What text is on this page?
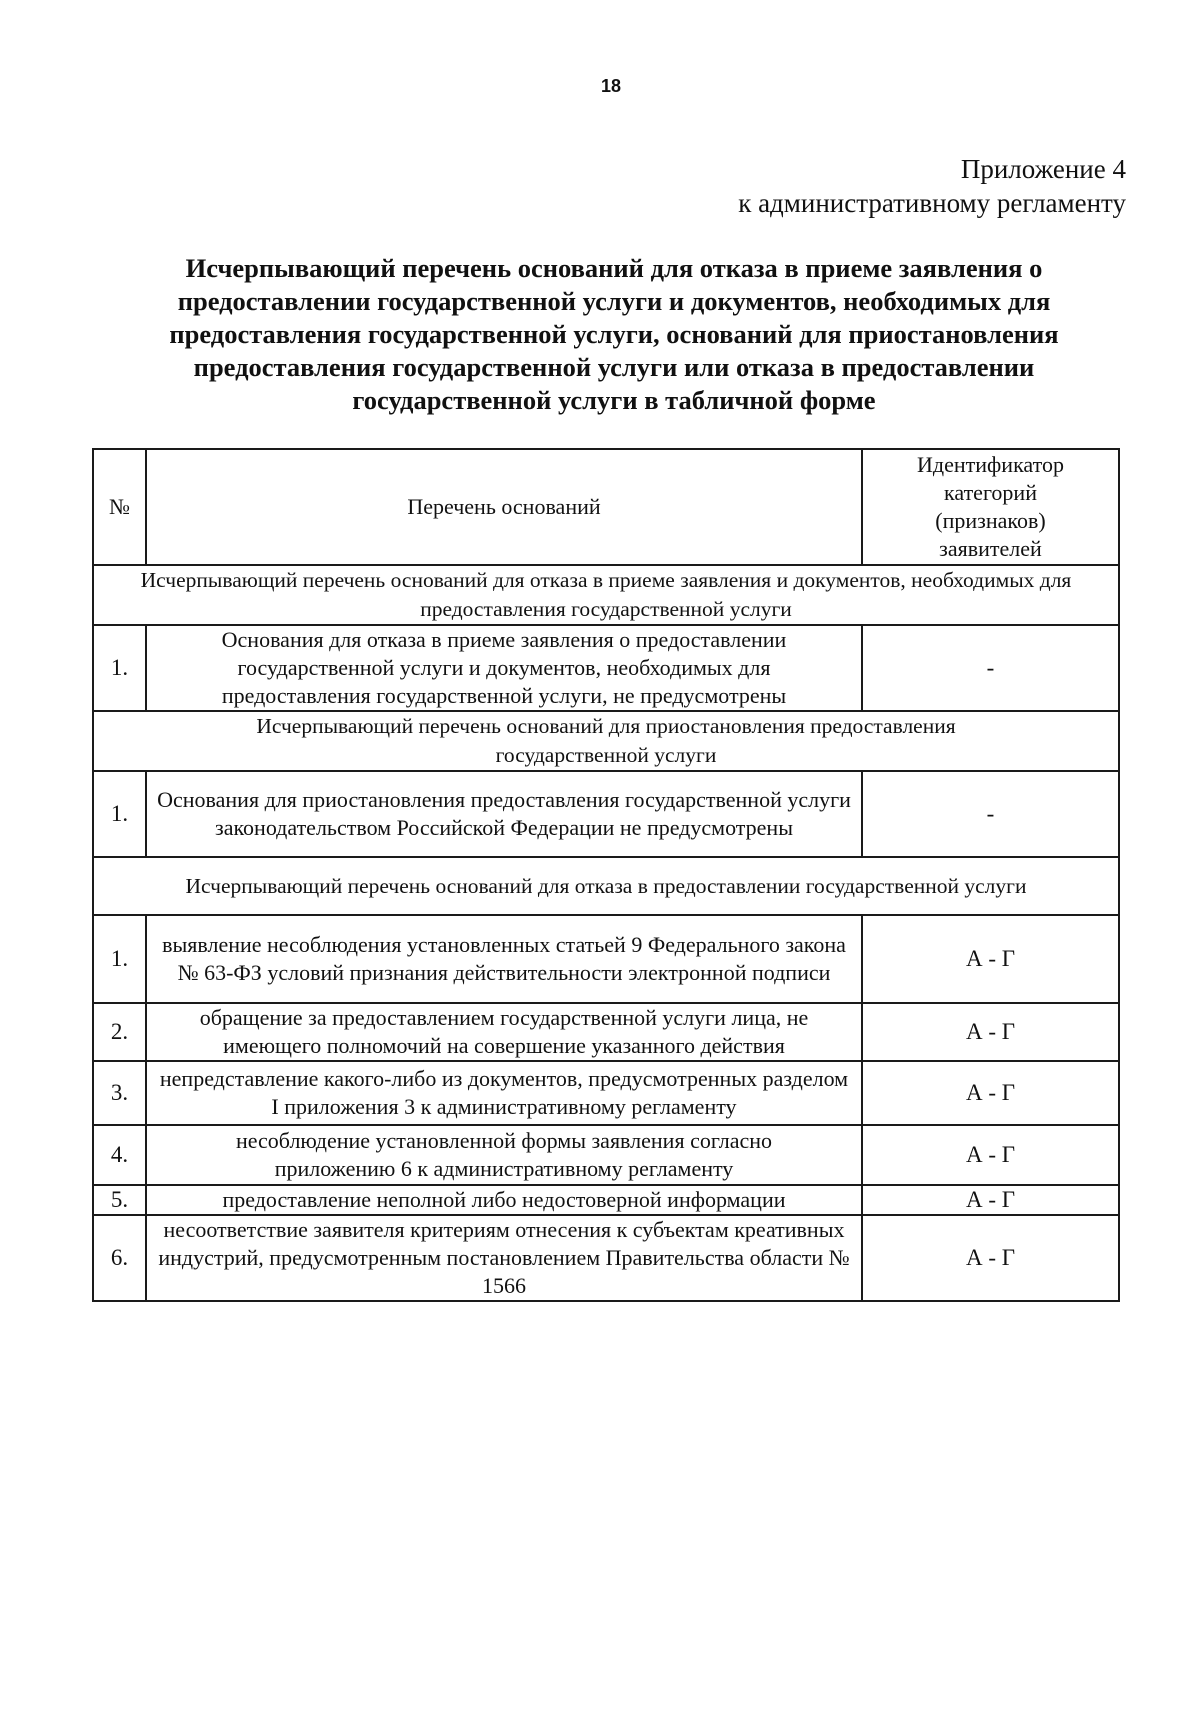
18
Приложение 4
к административному регламенту
Исчерпывающий перечень оснований для отказа в приеме заявления о
предоставлении государственной услуги и документов, необходимых для
предоставления государственной услуги, оснований для приостановления
предоставления государственной услуги или отказа в предоставлении
государственной услуги в табличной форме
№	Перечень оснований	Идентификатор категорий (признаков) заявителей
Исчерпывающий перечень оснований для отказа в приеме заявления и документов, необходимых для предоставления государственной услуги		
1.	Основания для отказа в приеме заявления о предоставлении государственной услуги и документов, необходимых для предоставления государственной услуги, не предусмотрены	-
Исчерпывающий перечень оснований для приостановления предоставления государственной услуги		
1.	Основания для приостановления предоставления государственной услуги законодательством Российской Федерации не предусмотрены	-
Исчерпывающий перечень оснований для отказа в предоставлении государственной услуги		
1.	выявление несоблюдения установленных статьей 9 Федерального закона № 63-ФЗ условий признания действительности электронной подписи	А - Г
2.	обращение за предоставлением государственной услуги лица, не имеющего полномочий на совершение указанного действия	А - Г
3.	непредставление какого-либо из документов, предусмотренных разделом I приложения 3 к административному регламенту	А - Г
4.	несоблюдение установленной формы заявления согласно приложению 6 к административному регламенту	А - Г
5.	предоставление неполной либо недостоверной информации	А - Г
6.	несоответствие заявителя критериям отнесения к субъектам креативных индустрий, предусмотренным постановлением Правительства области № 1566	А - Г
